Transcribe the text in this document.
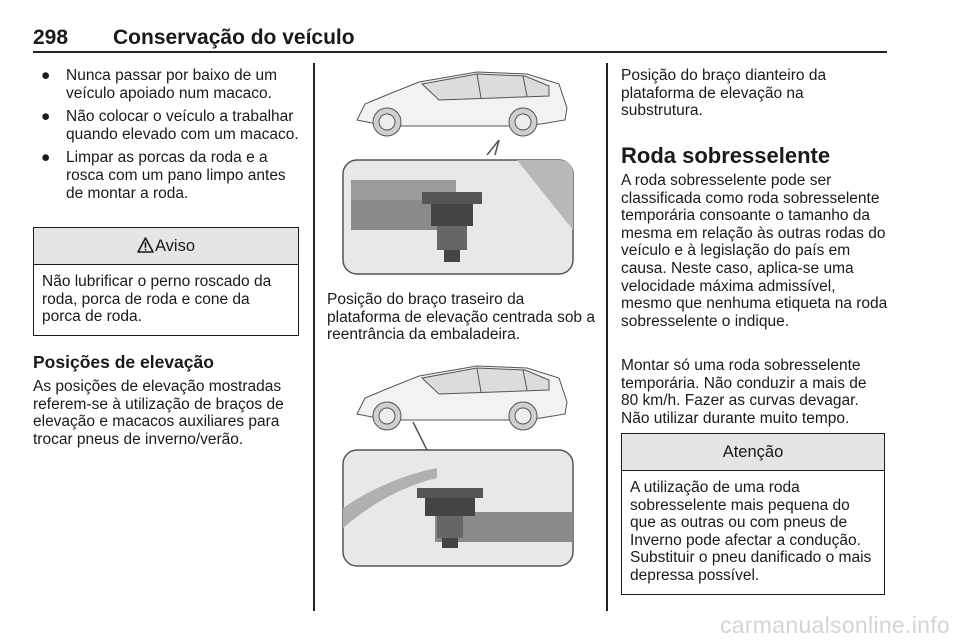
298 Conservação do veículo
● Nunca passar por baixo de um veículo apoiado num macaco.
● Não colocar o veículo a trabalhar quando elevado com um macaco.
● Limpar as porcas da roda e a rosca com um pano limpo antes de montar a roda.
Aviso
Não lubrificar o perno roscado da roda, porca de roda e cone da porca de roda.
Posições de elevação
As posições de elevação mostradas referem-se à utilização de braços de elevação e macacos auxiliares para trocar pneus de inverno/verão.
Posição do braço traseiro da plataforma de elevação centrada sob a reentrância da embaladeira.
Posição do braço dianteiro da plataforma de elevação na substrutura.
Roda sobresselente
A roda sobresselente pode ser classificada como roda sobresselente temporária consoante o tamanho da mesma em relação às outras rodas do veículo e à legislação do país em causa. Neste caso, aplica-se uma velocidade máxima admissível, mesmo que nenhuma etiqueta na roda sobresselente o indique.
Montar só uma roda sobresselente temporária. Não conduzir a mais de 80 km/h. Fazer as curvas devagar. Não utilizar durante muito tempo.
Atenção
A utilização de uma roda sobresselente mais pequena do que as outras ou com pneus de Inverno pode afectar a condução. Substituir o pneu danificado o mais depressa possível.
carmanualsonline.info
